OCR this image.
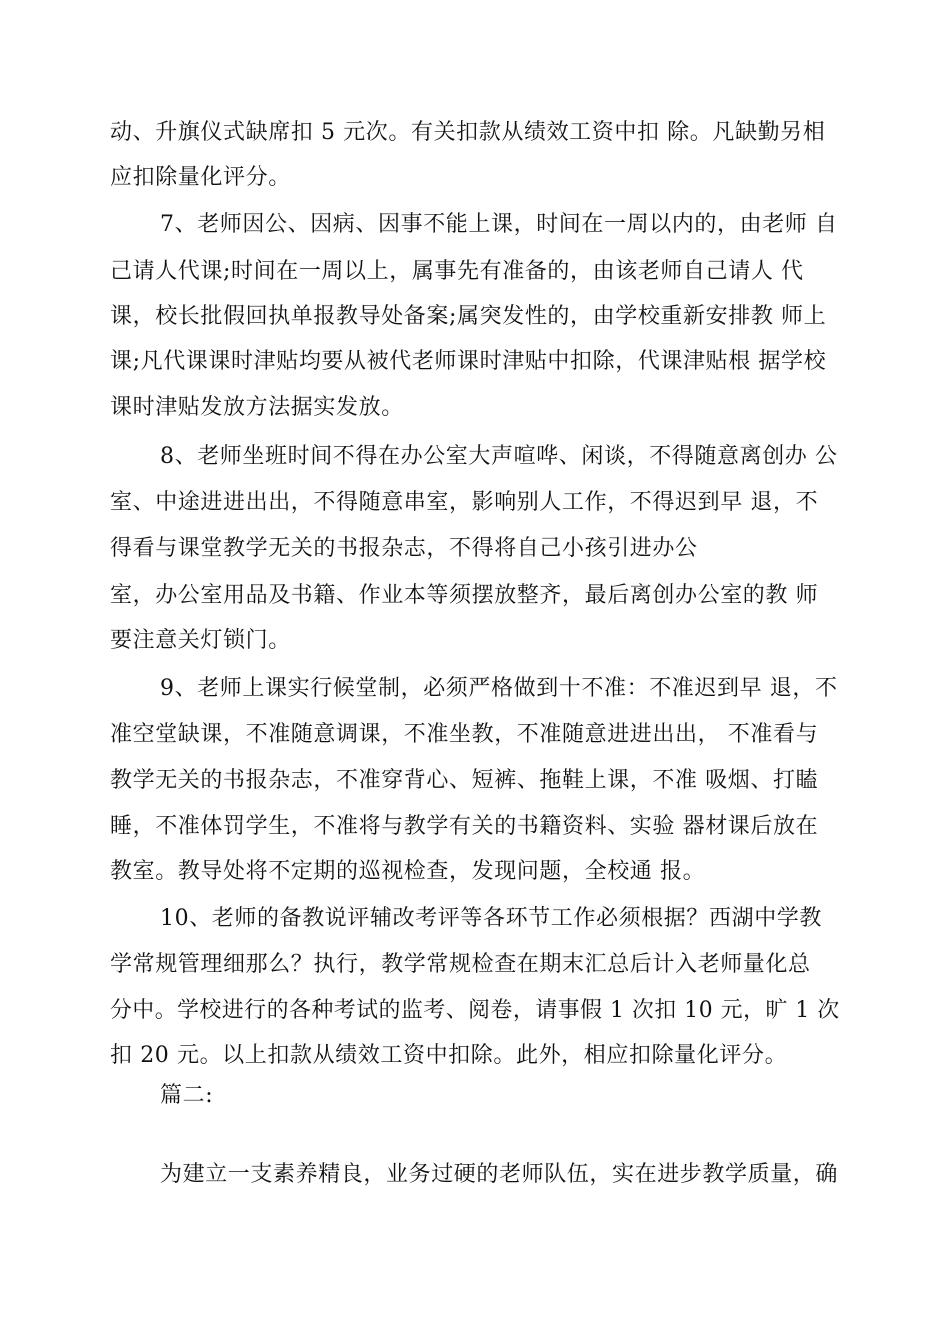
动、升旗仪式缺席扣 5 元次。有关扣款从绩效工资中扣 除。凡缺勤另相
应扣除量化评分。
7、老师因公、因病、因事不能上课，时间在一周以内的，由老师 自
己请人代课;时间在一周以上，属事先有准备的，由该老师自己请人 代
课，校长批假回执单报教导处备案;属突发性的，由学校重新安排教 师上
课;凡代课课时津贴均要从被代老师课时津贴中扣除，代课津贴根 据学校
课时津贴发放方法据实发放。
8、老师坐班时间不得在办公室大声喧哗、闲谈，不得随意离创办 公
室、中途进进出出，不得随意串室，影响别人工作，不得迟到早 退，不
得看与课堂教学无关的书报杂志，不得将自己小孩引进办公
室，办公室用品及书籍、作业本等须摆放整齐，最后离创办公室的教 师
要注意关灯锁门。
9、老师上课实行候堂制，必须严格做到十不准：不准迟到早 退，不
准空堂缺课，不准随意调课，不准坐教，不准随意进进出出， 不准看与
教学无关的书报杂志，不准穿背心、短裤、拖鞋上课，不准 吸烟、打瞌
睡，不准体罚学生，不准将与教学有关的书籍资料、实验 器材课后放在
教室。教导处将不定期的巡视检查，发现问题，全校通 报。
10、老师的备教说评辅改考评等各环节工作必须根据？西湖中学教
学常规管理细那么？执行，教学常规检查在期末汇总后计入老师量化总
分中。学校进行的各种考试的监考、阅卷，请事假 1 次扣 10 元，旷 1 次
扣 20 元。以上扣款从绩效工资中扣除。此外，相应扣除量化评分。
篇二:
为建立一支素养精良，业务过硬的老师队伍，实在进步教学质量，确
